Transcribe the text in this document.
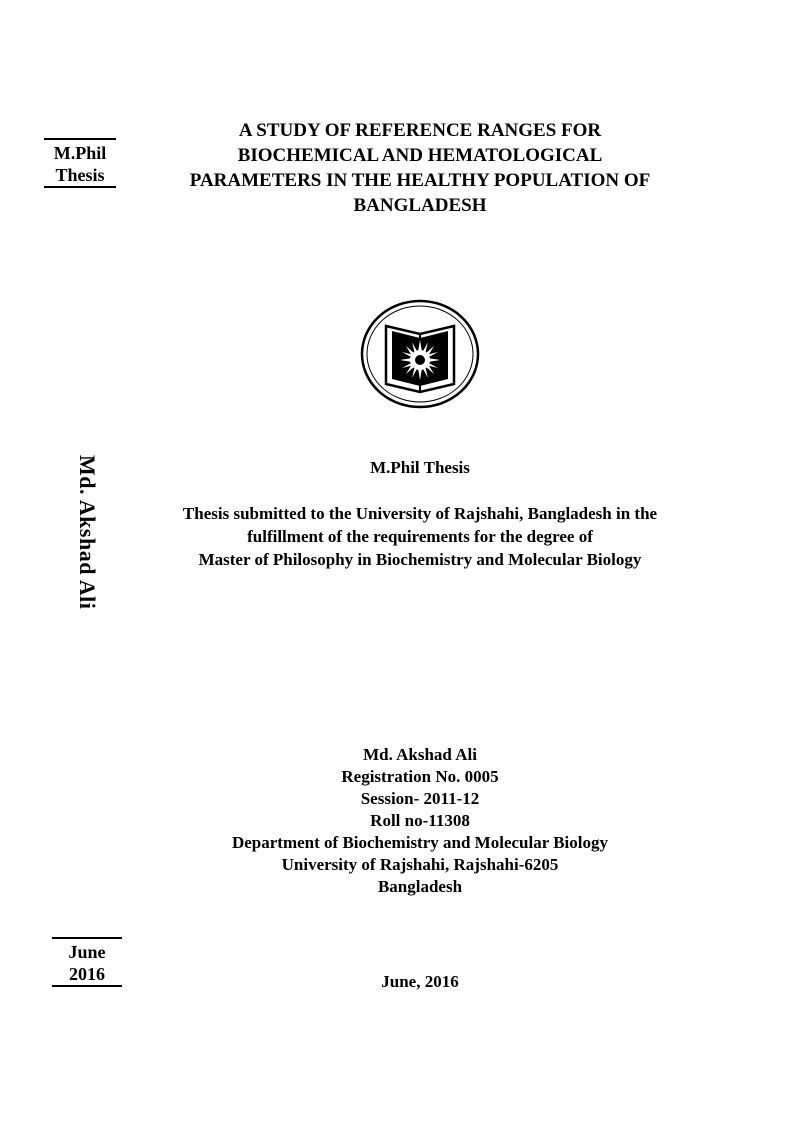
M.Phil
Thesis
Md. Akshad Ali
June
2016
A STUDY OF REFERENCE RANGES FOR
BIOCHEMICAL AND HEMATOLOGICAL
PARAMETERS IN THE HEALTHY POPULATION OF
BANGLADESH
M.Phil Thesis
Thesis submitted to the University of Rajshahi, Bangladesh in the
fulfillment of the requirements for the degree of
Master of Philosophy in Biochemistry and Molecular Biology
Md. Akshad Ali
Registration No. 0005
Session- 2011-12
Roll no-11308
Department of Biochemistry and Molecular Biology
University of Rajshahi, Rajshahi-6205
Bangladesh
June, 2016
